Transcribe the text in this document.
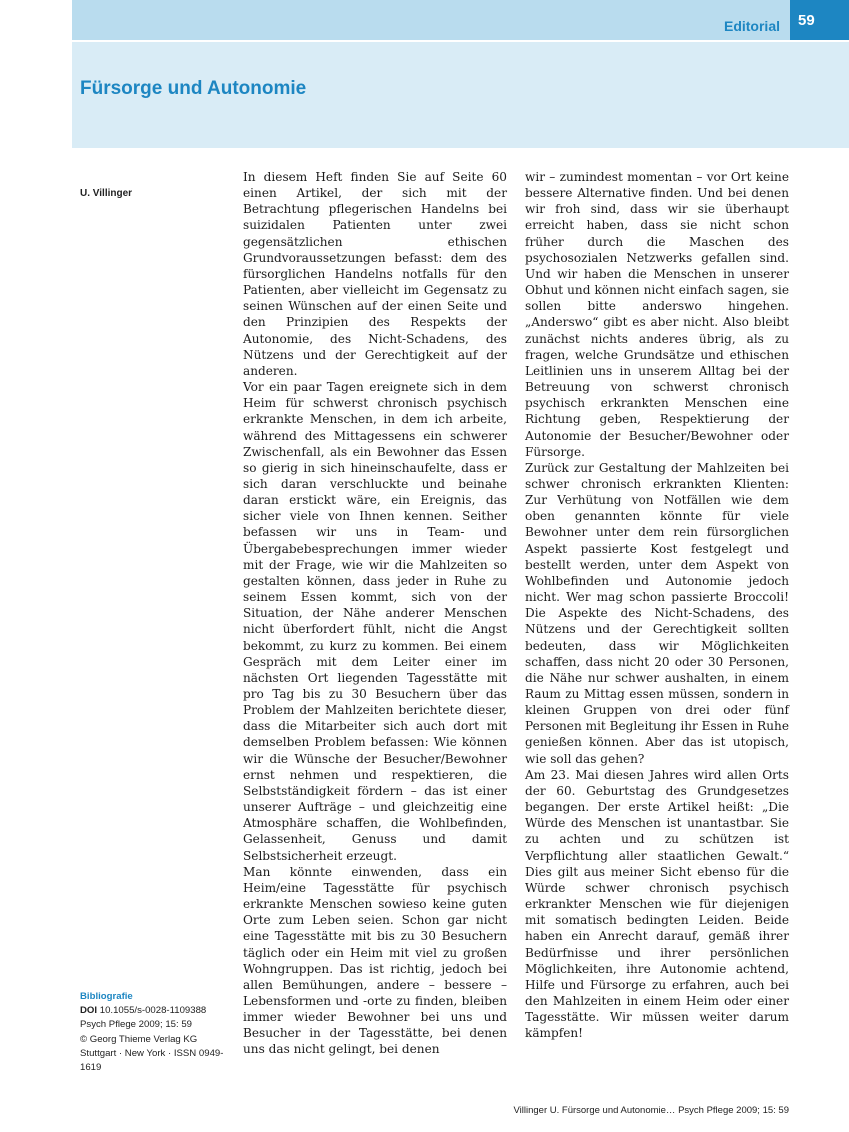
Editorial	59
Fürsorge und Autonomie
U. Villinger

In diesem Heft finden Sie auf Seite 60 einen Artikel, der sich mit der Betrachtung pflegerischen Handelns bei suizidalen Patienten unter zwei gegensätzlichen ethischen Grundvoraussetzungen befasst: dem des fürsorglichen Handelns notfalls für den Patienten, aber vielleicht im Gegensatz zu seinen Wünschen auf der einen Seite und den Prinzipien des Respekts der Autonomie, des Nicht-Schadens, des Nützens und der Gerechtigkeit auf der anderen.

Vor ein paar Tagen ereignete sich in dem Heim für schwerst chronisch psychisch erkrankte Menschen, in dem ich arbeite, während des Mittagessens ein schwerer Zwischenfall, als ein Bewohner das Essen so gierig in sich hineinschaufelte, dass er sich daran verschluckte und beinahe daran erstickt wäre, ein Ereignis, das sicher viele von Ihnen kennen. Seither befassen wir uns in Team- und Übergabebesprechungen immer wieder mit der Frage, wie wir die Mahlzeiten so gestalten können, dass jeder in Ruhe zu seinem Essen kommt, sich von der Situation, der Nähe anderer Menschen nicht überfordert fühlt, nicht die Angst bekommt, zu kurz zu kommen. Bei einem Gespräch mit dem Leiter einer im nächsten Ort liegenden Tagesstätte mit pro Tag bis zu 30 Besuchern über das Problem der Mahlzeiten berichtete dieser, dass die Mitarbeiter sich auch dort mit demselben Problem befassen: Wie können wir die Wünsche der Besucher/Bewohner ernst nehmen und respektieren, die Selbstständigkeit fördern – das ist einer unserer Aufträge – und gleichzeitig eine Atmosphäre schaffen, die Wohlbefinden, Gelassenheit, Genuss und damit Selbstsicherheit erzeugt.

Man könnte einwenden, dass ein Heim/eine Tagesstätte für psychisch erkrankte Menschen sowieso keine guten Orte zum Leben seien. Schon gar nicht eine Tagesstätte mit bis zu 30 Besuchern täglich oder ein Heim mit viel zu großen Wohngruppen. Das ist richtig, jedoch bei allen Bemühungen, andere – bessere – Lebensformen und -orte zu finden, bleiben immer wieder Bewohner bei uns und Besucher in der Tagesstätte, bei denen uns das nicht gelingt, bei denen

wir – zumindest momentan – vor Ort keine bessere Alternative finden. Und bei denen wir froh sind, dass wir sie überhaupt erreicht haben, dass sie nicht schon früher durch die Maschen des psychosozialen Netzwerks gefallen sind. Und wir haben die Menschen in unserer Obhut und können nicht einfach sagen, sie sollen bitte anderswo hingehen. „Anderswo“ gibt es aber nicht. Also bleibt zunächst nichts anderes übrig, als zu fragen, welche Grundsätze und ethischen Leitlinien uns in unserem Alltag bei der Betreuung von schwerst chronisch psychisch erkrankten Menschen eine Richtung geben, Respektierung der Autonomie der Besucher/Bewohner oder Fürsorge.

Zurück zur Gestaltung der Mahlzeiten bei schwer chronisch erkrankten Klienten: Zur Verhütung von Notfällen wie dem oben genannten könnte für viele Bewohner unter dem rein fürsorglichen Aspekt passierte Kost festgelegt und bestellt werden, unter dem Aspekt von Wohlbefinden und Autonomie jedoch nicht. Wer mag schon passierte Broccoli! Die Aspekte des Nicht-Schadens, des Nützens und der Gerechtigkeit sollten bedeuten, dass wir Möglichkeiten schaffen, dass nicht 20 oder 30 Personen, die Nähe nur schwer aushalten, in einem Raum zu Mittag essen müssen, sondern in kleinen Gruppen von drei oder fünf Personen mit Begleitung ihr Essen in Ruhe genießen können. Aber das ist utopisch, wie soll das gehen?

Am 23. Mai diesen Jahres wird allen Orts der 60. Geburtstag des Grundgesetzes begangen. Der erste Artikel heißt: „Die Würde des Menschen ist unantastbar. Sie zu achten und zu schützen ist Verpflichtung aller staatlichen Gewalt.“ Dies gilt aus meiner Sicht ebenso für die Würde schwer chronisch psychisch erkrankter Menschen wie für diejenigen mit somatisch bedingten Leiden. Beide haben ein Anrecht darauf, gemäß ihrer Bedürfnisse und ihrer persönlichen Möglichkeiten, ihre Autonomie achtend, Hilfe und Fürsorge zu erfahren, auch bei den Mahlzeiten in einem Heim oder einer Tagesstätte. Wir müssen weiter darum kämpfen!

Bibliografie
DOI 10.1055/s-0028-1109388
Psych Pflege 2009; 15: 59
© Georg Thieme Verlag KG
Stuttgart · New York · ISSN 0949-1619
Villinger U. Fürsorge und Autonomie… Psych Pflege 2009; 15: 59
